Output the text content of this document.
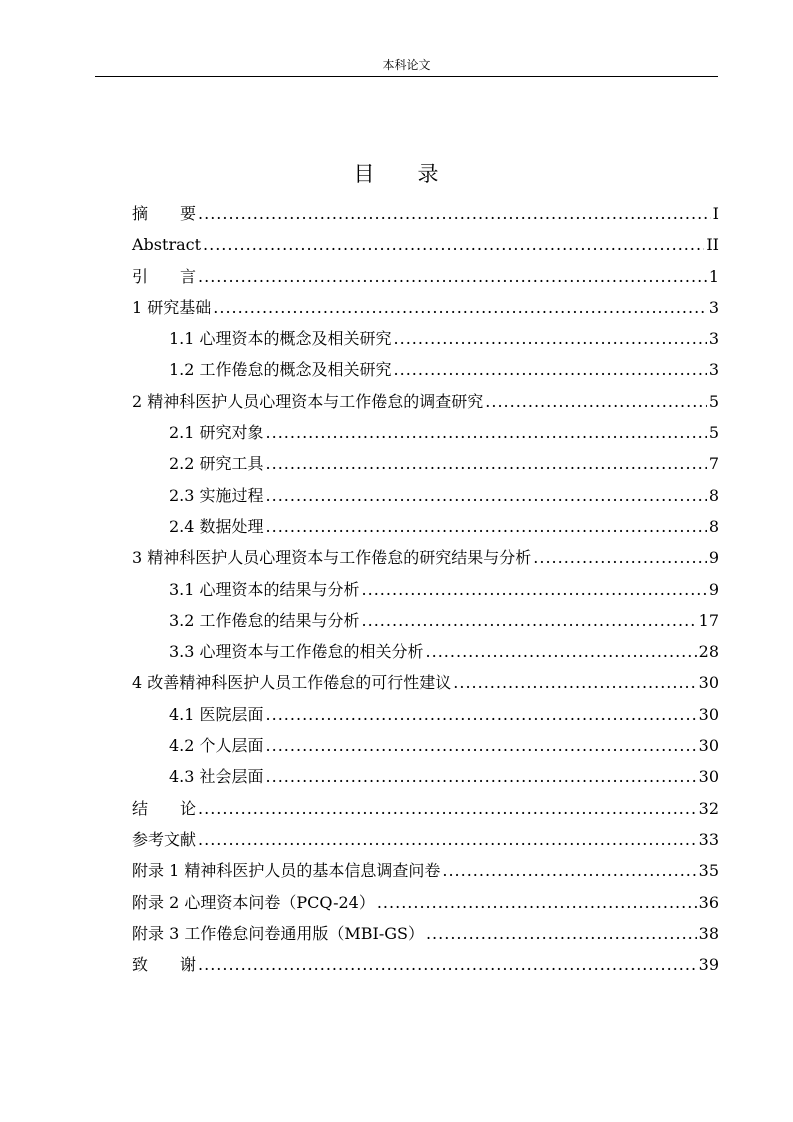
本科论文
目 录
摘　　要 .....	I
Abstract .....	II
引　　言 .....	1
1 研究基础 .....	3
1.1 心理资本的概念及相关研究 .....	3
1.2 工作倦怠的概念及相关研究 .....	3
2 精神科医护人员心理资本与工作倦怠的调查研究 .....	5
2.1 研究对象 .....	5
2.2 研究工具 .....	7
2.3 实施过程 .....	8
2.4 数据处理 .....	8
3 精神科医护人员心理资本与工作倦怠的研究结果与分析 .....	9
3.1 心理资本的结果与分析 .....	9
3.2 工作倦怠的结果与分析 .....	17
3.3 心理资本与工作倦怠的相关分析 .....	28
4 改善精神科医护人员工作倦怠的可行性建议 .....	30
4.1 医院层面 .....	30
4.2 个人层面 .....	30
4.3 社会层面 .....	30
结　　论 .....	32
参考文献 .....	33
附录 1 精神科医护人员的基本信息调查问卷 .....	35
附录 2 心理资本问卷（PCQ-24） .....	36
附录 3 工作倦怠问卷通用版（MBI-GS） .....	38
致　　谢 .....	39
